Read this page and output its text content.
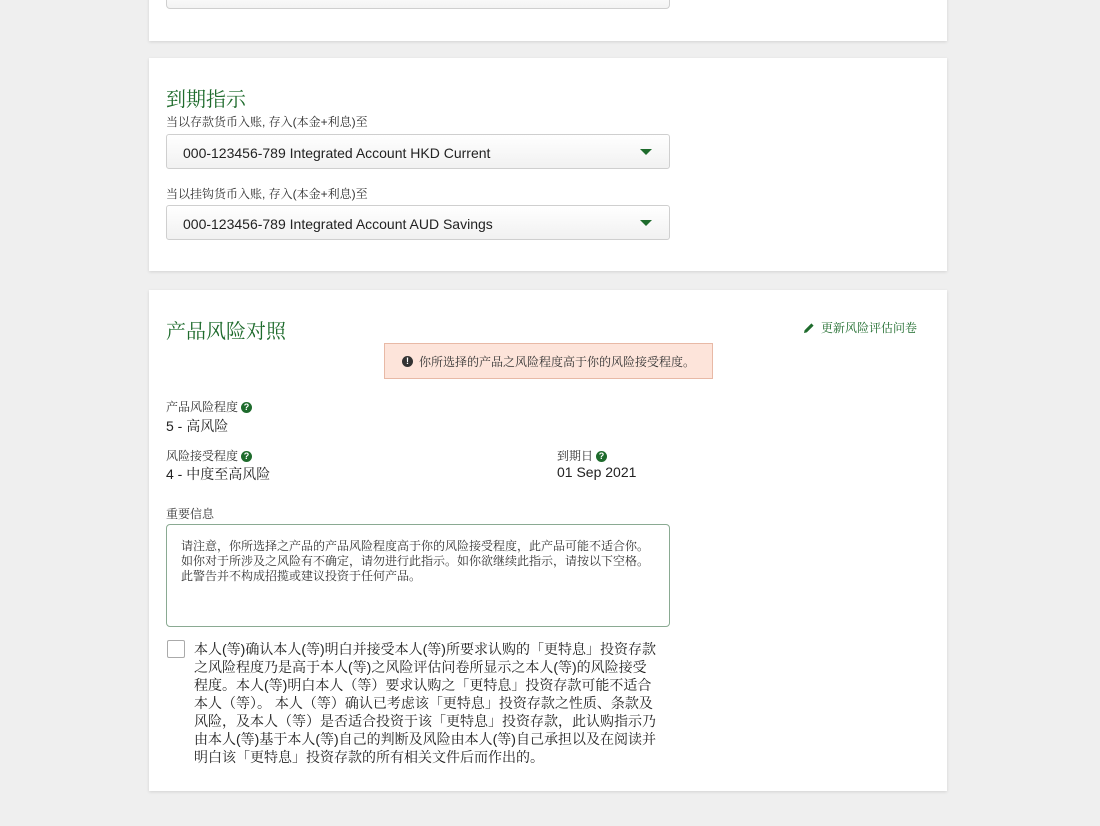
到期指示
当以存款货币入账, 存入(本金+利息)至
000-123456-789 Integrated Account HKD Current
当以挂钩货币入账, 存入(本金+利息)至
000-123456-789 Integrated Account AUD Savings
产品风险对照	更新风险评估问卷
! 你所选择的产品之风险程度高于你的风险接受程度。
产品风险程度 ?
5 - 高风险
风险接受程度 ?
4 - 中度至高风险
到期日 ?
01 Sep 2021
重要信息
请注意，你所选择之产品的产品风险程度高于你的风险接受程度，此产品可能不适合你。如你对于所涉及之风险有不确定，请勿进行此指示。如你欲继续此指示，请按以下空格。此警告并不构成招揽或建议投资于任何产品。
本人(等)确认本人(等)明白并接受本人(等)所要求认购的「更特息」投资存款之风险程度乃是高于本人(等)之风险评估问卷所显示之本人(等)的风险接受程度。本人(等)明白本人（等）要求认购之「更特息」投资存款可能不适合本人（等）。 本人（等）确认已考虑该「更特息」投资存款之性质、条款及风险，及本人（等）是否适合投资于该「更特息」投资存款，此认购指示乃由本人(等)基于本人(等)自己的判断及风险由本人(等)自己承担以及在阅读并明白该「更特息」投资存款的所有相关文件后而作出的。
